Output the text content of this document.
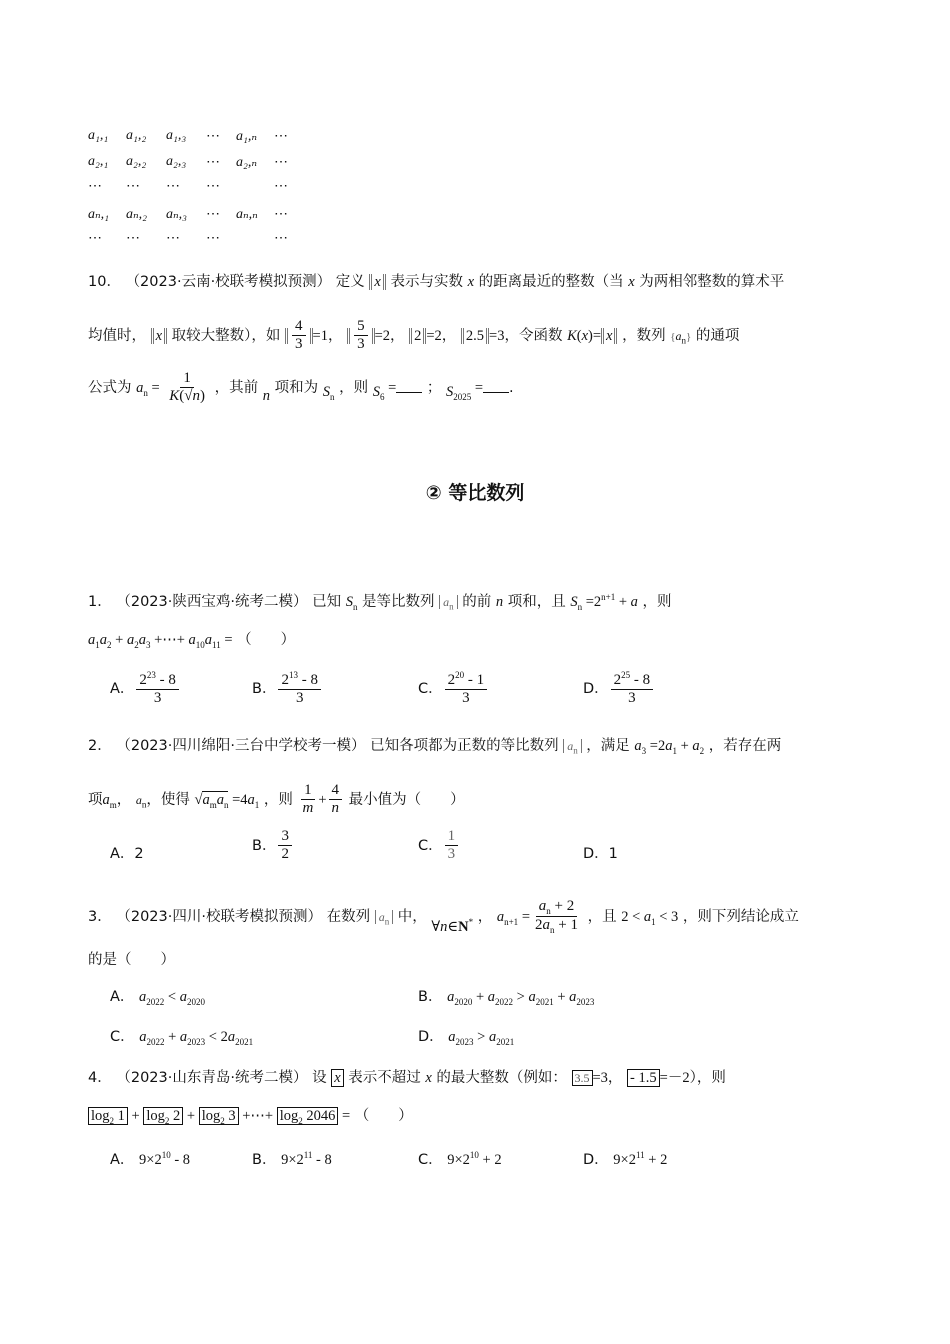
a₁,₁ a₁,₂ a₁,₃ ⋯ a₁,ₙ ⋯
a₂,₁ a₂,₂ a₂,₃ ⋯ a₂,ₙ ⋯
⋯ ⋯ ⋯ ⋯	⋯
aₙ,₁ aₙ,₂ aₙ,₃ ⋯ aₙ,ₙ ⋯
⋯ ⋯ ⋯ ⋯	⋯
10． （2023·云南·校联考模拟预测） 定义 x 表示与实数 x 的距离最近的整数（当 x 为两相邻整数的算术平
均值时， x 取较大整数），如 $\frac{4}{3} =1$， $\frac{5}{3} =2$， 2 =2， 2.5 =3，令函数 K(x)= x ，数列 $\{a_n\}$ 的通项
公式为 $a_n = \frac{1}{K(√n)}$ ，其前 n 项和为 $S_n$ ，则 $S_6$ = ； $S_{2025}$ = .
② 等比数列
1． （2023·陕西宝鸡·统考二模） 已知 $S_n$ 是等比数列 $a_n$ 的前 n 项和，且 $S_n =2^{n+1} + a$ ，则
$a_1a_2 + a_2a_3$ +⋯+ $a_{10}a_{11}$ = （　　）
A． $\frac{2^{23} - 8}{3}$	B． $\frac{2^{13} - 8}{3}$	C． $\frac{2^{20} - 1}{3}$	D． $\frac{2^{25} - 8}{3}$
2． （2023·四川绵阳·三台中学校考一模） 已知各项都为正数的等比数列 $a_n$ ，满足 $a_3 =2a_1 + a_2$ ，若存在两
项$a_m$， $a_n$，使得 $√a_ma_n =4a_1$ ，则 $\frac{1}{m} + \frac{4}{n}$ 最小值为（　　）
A．2
B． $\frac{3}{2}$	C． $\frac{1}{3}$	D．1
3． （2023·四川·校联考模拟预测） 在数列 $a_n$ 中， ∀n∈N* ， $a_{n+1} = \frac{a_n + 2}{2a_n + 1}$ ，且 $2 < a_1 < 3$ ，则下列结论成立
的是（　　）
A． $a_{2022} < a_{2020}$	B． $a_{2020} + a_{2022} > a_{2021} + a_{2023}$
C． $a_{2022} + a_{2023} < 2a_{2021}$	D． $a_{2023} > a_{2021}$
4． （2023·山东青岛·统考二模） 设 x 表示不超过 x 的最大整数（例如： 3.5 =3， - 1.5 =－2），则
$\log_2 1 + \log_2 2 + \log_2 3$ +⋯+ $\log_2 2046$ = （　　）
A． $9\times 2^{10} - 8$	B． $9\times 2^{11} - 8$	C． $9\times 2^{10} + 2$	D． $9\times 2^{11} + 2$
